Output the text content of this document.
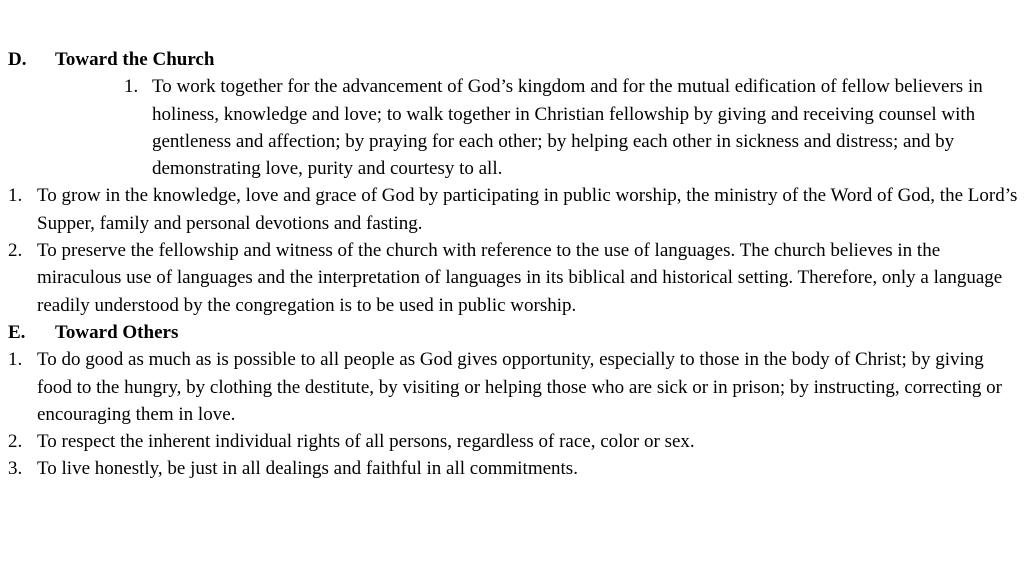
D. Toward the Church
1. To work together for the advancement of God’s kingdom and for the mutual edification of fellow believers in holiness, knowledge and love; to walk together in Christian fellowship by giving and receiving counsel with gentleness and affection; by praying for each other; by helping each other in sickness and distress; and by demonstrating love, purity and courtesy to all.
1. To grow in the knowledge, love and grace of God by participating in public worship, the ministry of the Word of God, the Lord’s Supper, family and personal devotions and fasting.
2. To preserve the fellowship and witness of the church with reference to the use of languages. The church believes in the miraculous use of languages and the interpretation of languages in its biblical and historical setting. Therefore, only a language readily understood by the congregation is to be used in public worship.
E. Toward Others
1. To do good as much as is possible to all people as God gives opportunity, especially to those in the body of Christ; by giving food to the hungry, by clothing the destitute, by visiting or helping those who are sick or in prison; by instructing, correcting or encouraging them in love.
2. To respect the inherent individual rights of all persons, regardless of race, color or sex.
3. To live honestly, be just in all dealings and faithful in all commitments.
